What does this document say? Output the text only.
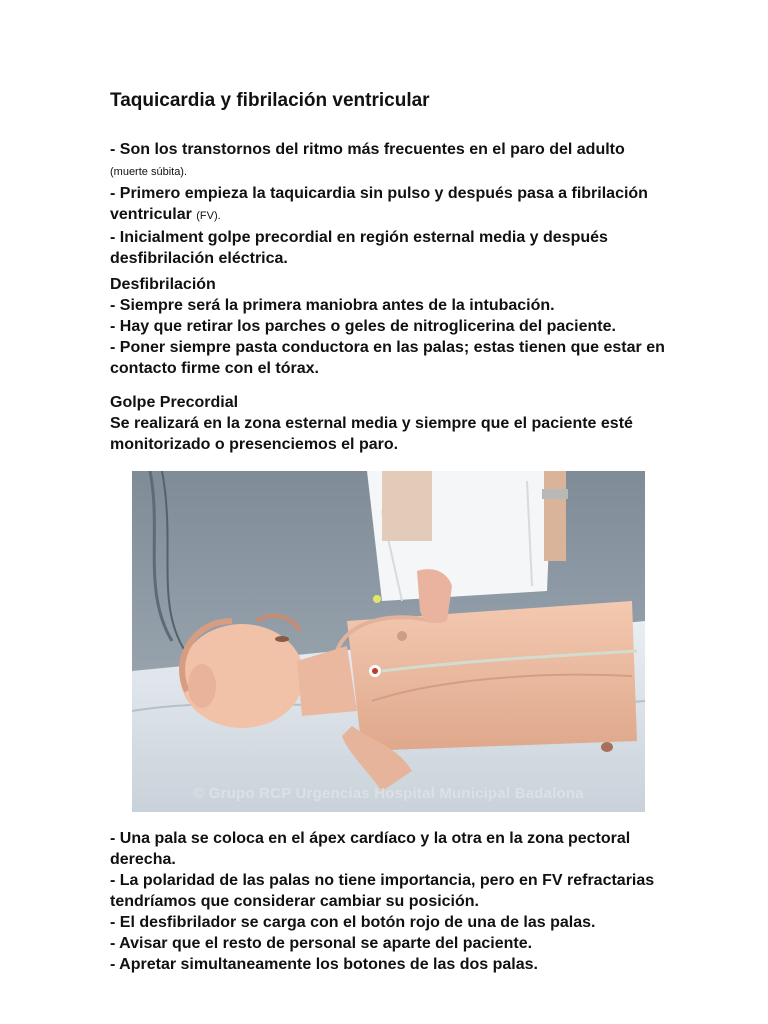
Taquicardia y fibrilación ventricular

- Son los transtornos del ritmo más frecuentes en el paro del adulto
(muerte súbita).

- Primero empieza la taquicardia sin pulso y después pasa a fibrilación ventricular (FV).

- Inicialment golpe precordial en región esternal media y después desfibrilación eléctrica.

Desfibrilación

- Siempre será la primera maniobra antes de la intubación.

- Hay que retirar los parches o geles de nitroglicerina del paciente.

- Poner siempre pasta conductora en las palas; estas tienen que estar en contacto firme con el tórax.

Golpe Precordial

Se realizará en la zona esternal media y siempre que el paciente esté monitorizado o presenciemos el paro.

© Grupo RCP Urgencias Hospital Municipal Badalona

- Una pala se coloca en el ápex cardíaco y la otra en la zona pectoral derecha.

- La polaridad de las palas no tiene importancia, pero en FV refractarias tendríamos que considerar cambiar su posición.

- El desfibrilador se carga con el botón rojo de una de las palas.

- Avisar que el resto de personal se aparte del paciente.

- Apretar simultaneamente los botones de las dos palas.
